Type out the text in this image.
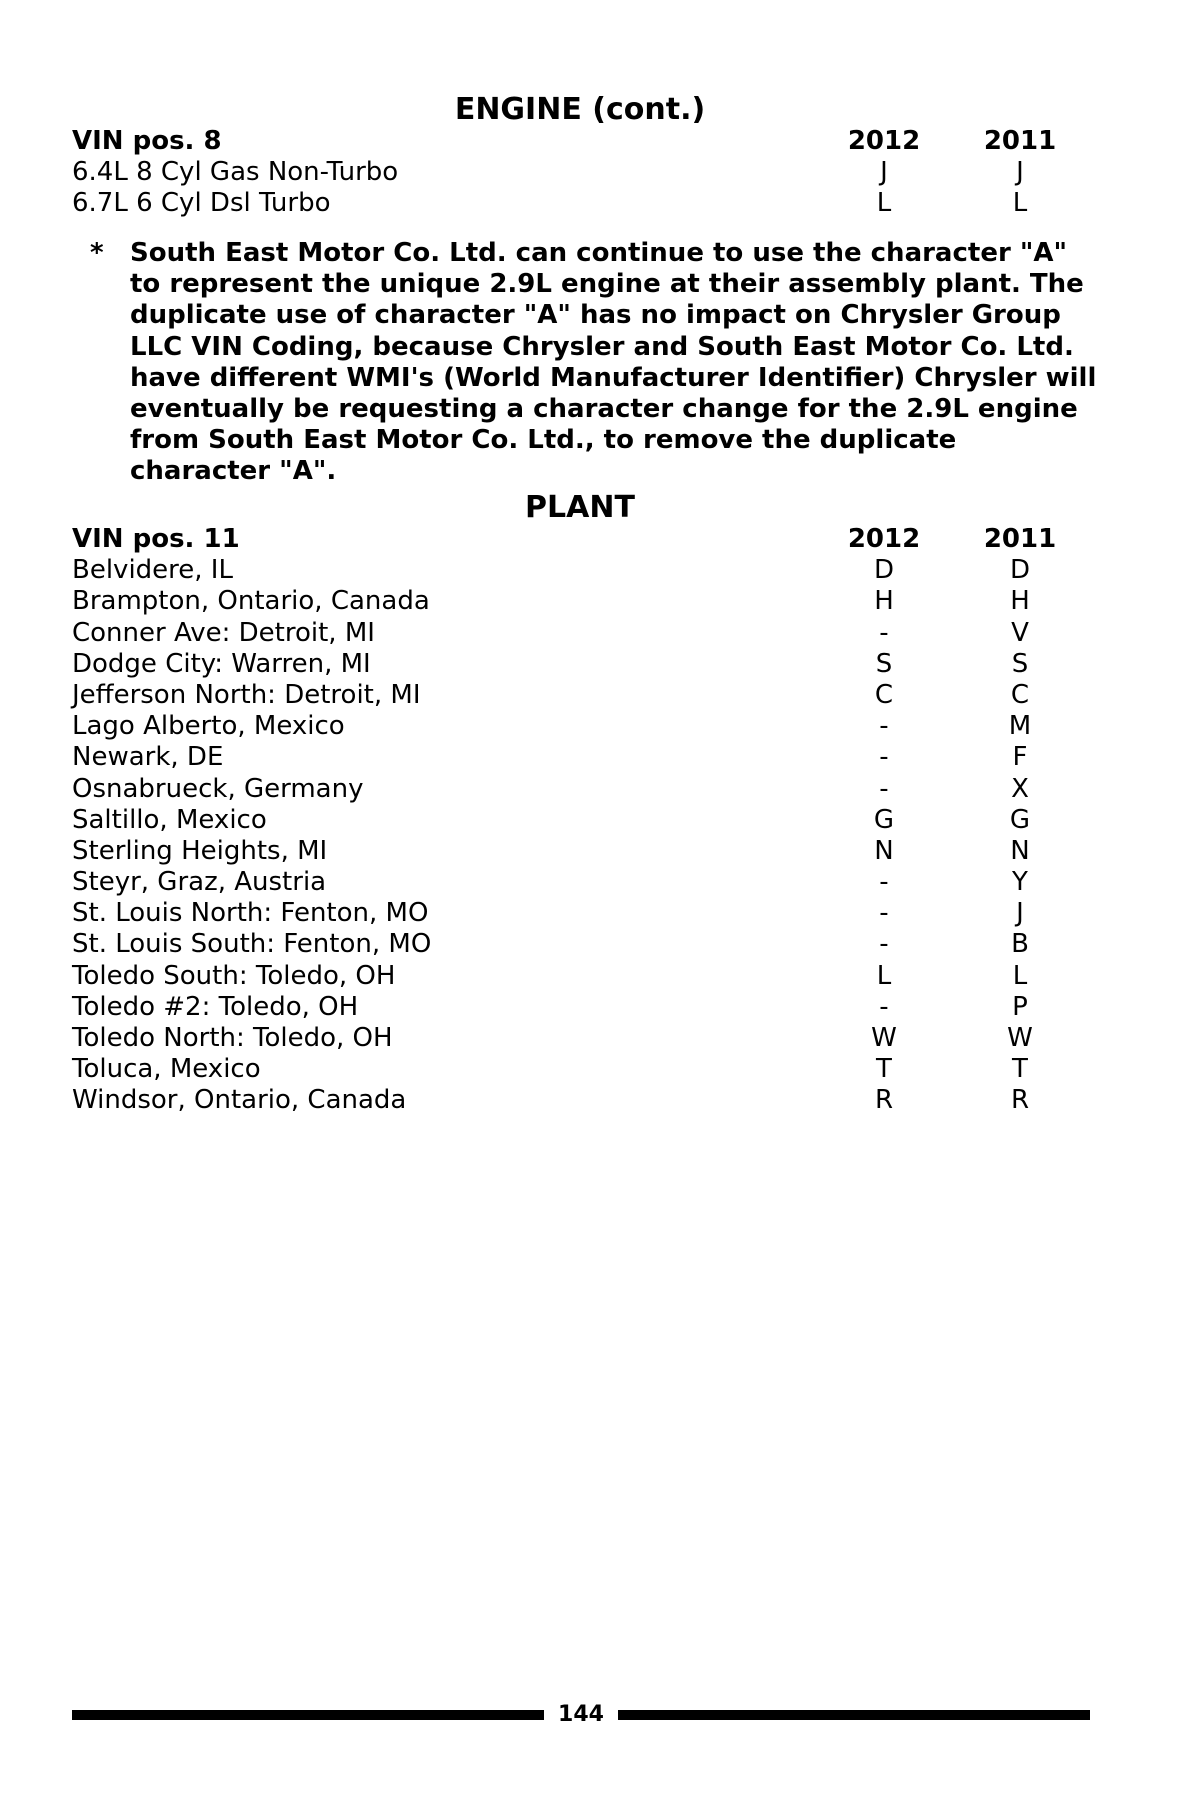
ENGINE (cont.)
VIN pos. 8	2012	2011
6.4L 8 Cyl Gas Non-Turbo	J	J
6.7L 6 Cyl Dsl Turbo	L	L
* South East Motor Co. Ltd. can continue to use the character "A" to represent the unique 2.9L engine at their assembly plant. The duplicate use of character "A" has no impact on Chrysler Group LLC VIN Coding, because Chrysler and South East Motor Co. Ltd. have different WMI's (World Manufacturer Identifier) Chrysler will eventually be requesting a character change for the 2.9L engine from South East Motor Co. Ltd., to remove the duplicate character "A".
PLANT
VIN pos. 11	2012	2011
Belvidere, IL	D	D
Brampton, Ontario, Canada	H	H
Conner Ave: Detroit, MI	-	V
Dodge City: Warren, MI	S	S
Jefferson North: Detroit, MI	C	C
Lago Alberto, Mexico	-	M
Newark, DE	-	F
Osnabrueck, Germany	-	X
Saltillo, Mexico	G	G
Sterling Heights, MI	N	N
Steyr, Graz, Austria	-	Y
St. Louis North: Fenton, MO	-	J
St. Louis South: Fenton, MO	-	B
Toledo South: Toledo, OH	L	L
Toledo #2: Toledo, OH	-	P
Toledo North: Toledo, OH	W	W
Toluca, Mexico	T	T
Windsor, Ontario, Canada	R	R
144
